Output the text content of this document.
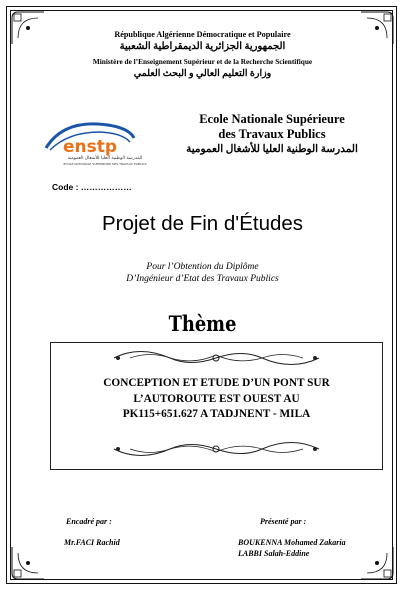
République Algérienne Démocratique et Populaire
الجمهورية الجزائرية الديمقراطية الشعبية
Ministère de l’Enseignement Supérieur et de la Recherche Scientifique
وزارة التعليم العالي و البحث العلمي
enstp
المدرسة الوطنية العليا للأشغال العمومية
ECOLE NATIONALE SUPERIEURE DES TRAVAUX PUBLICS
Ecole Nationale Supérieure
des Travaux Publics
المدرسة الوطنية العليا للأشغال العمومية
Code : ………………
Projet de Fin d'Études
Pour l’Obtention du Diplôme
D’Ingénieur d’Etat des Travaux Publics
Thème
CONCEPTION ET ETUDE D’UN PONT SUR
L’AUTOROUTE EST OUEST AU
PK115+651.627 A TADJNENT - MILA
Encadré par :
Mr.FACI Rachid
Présenté par :
BOUKENNA Mohamed Zakaria
LABBI Salah-Eddine
